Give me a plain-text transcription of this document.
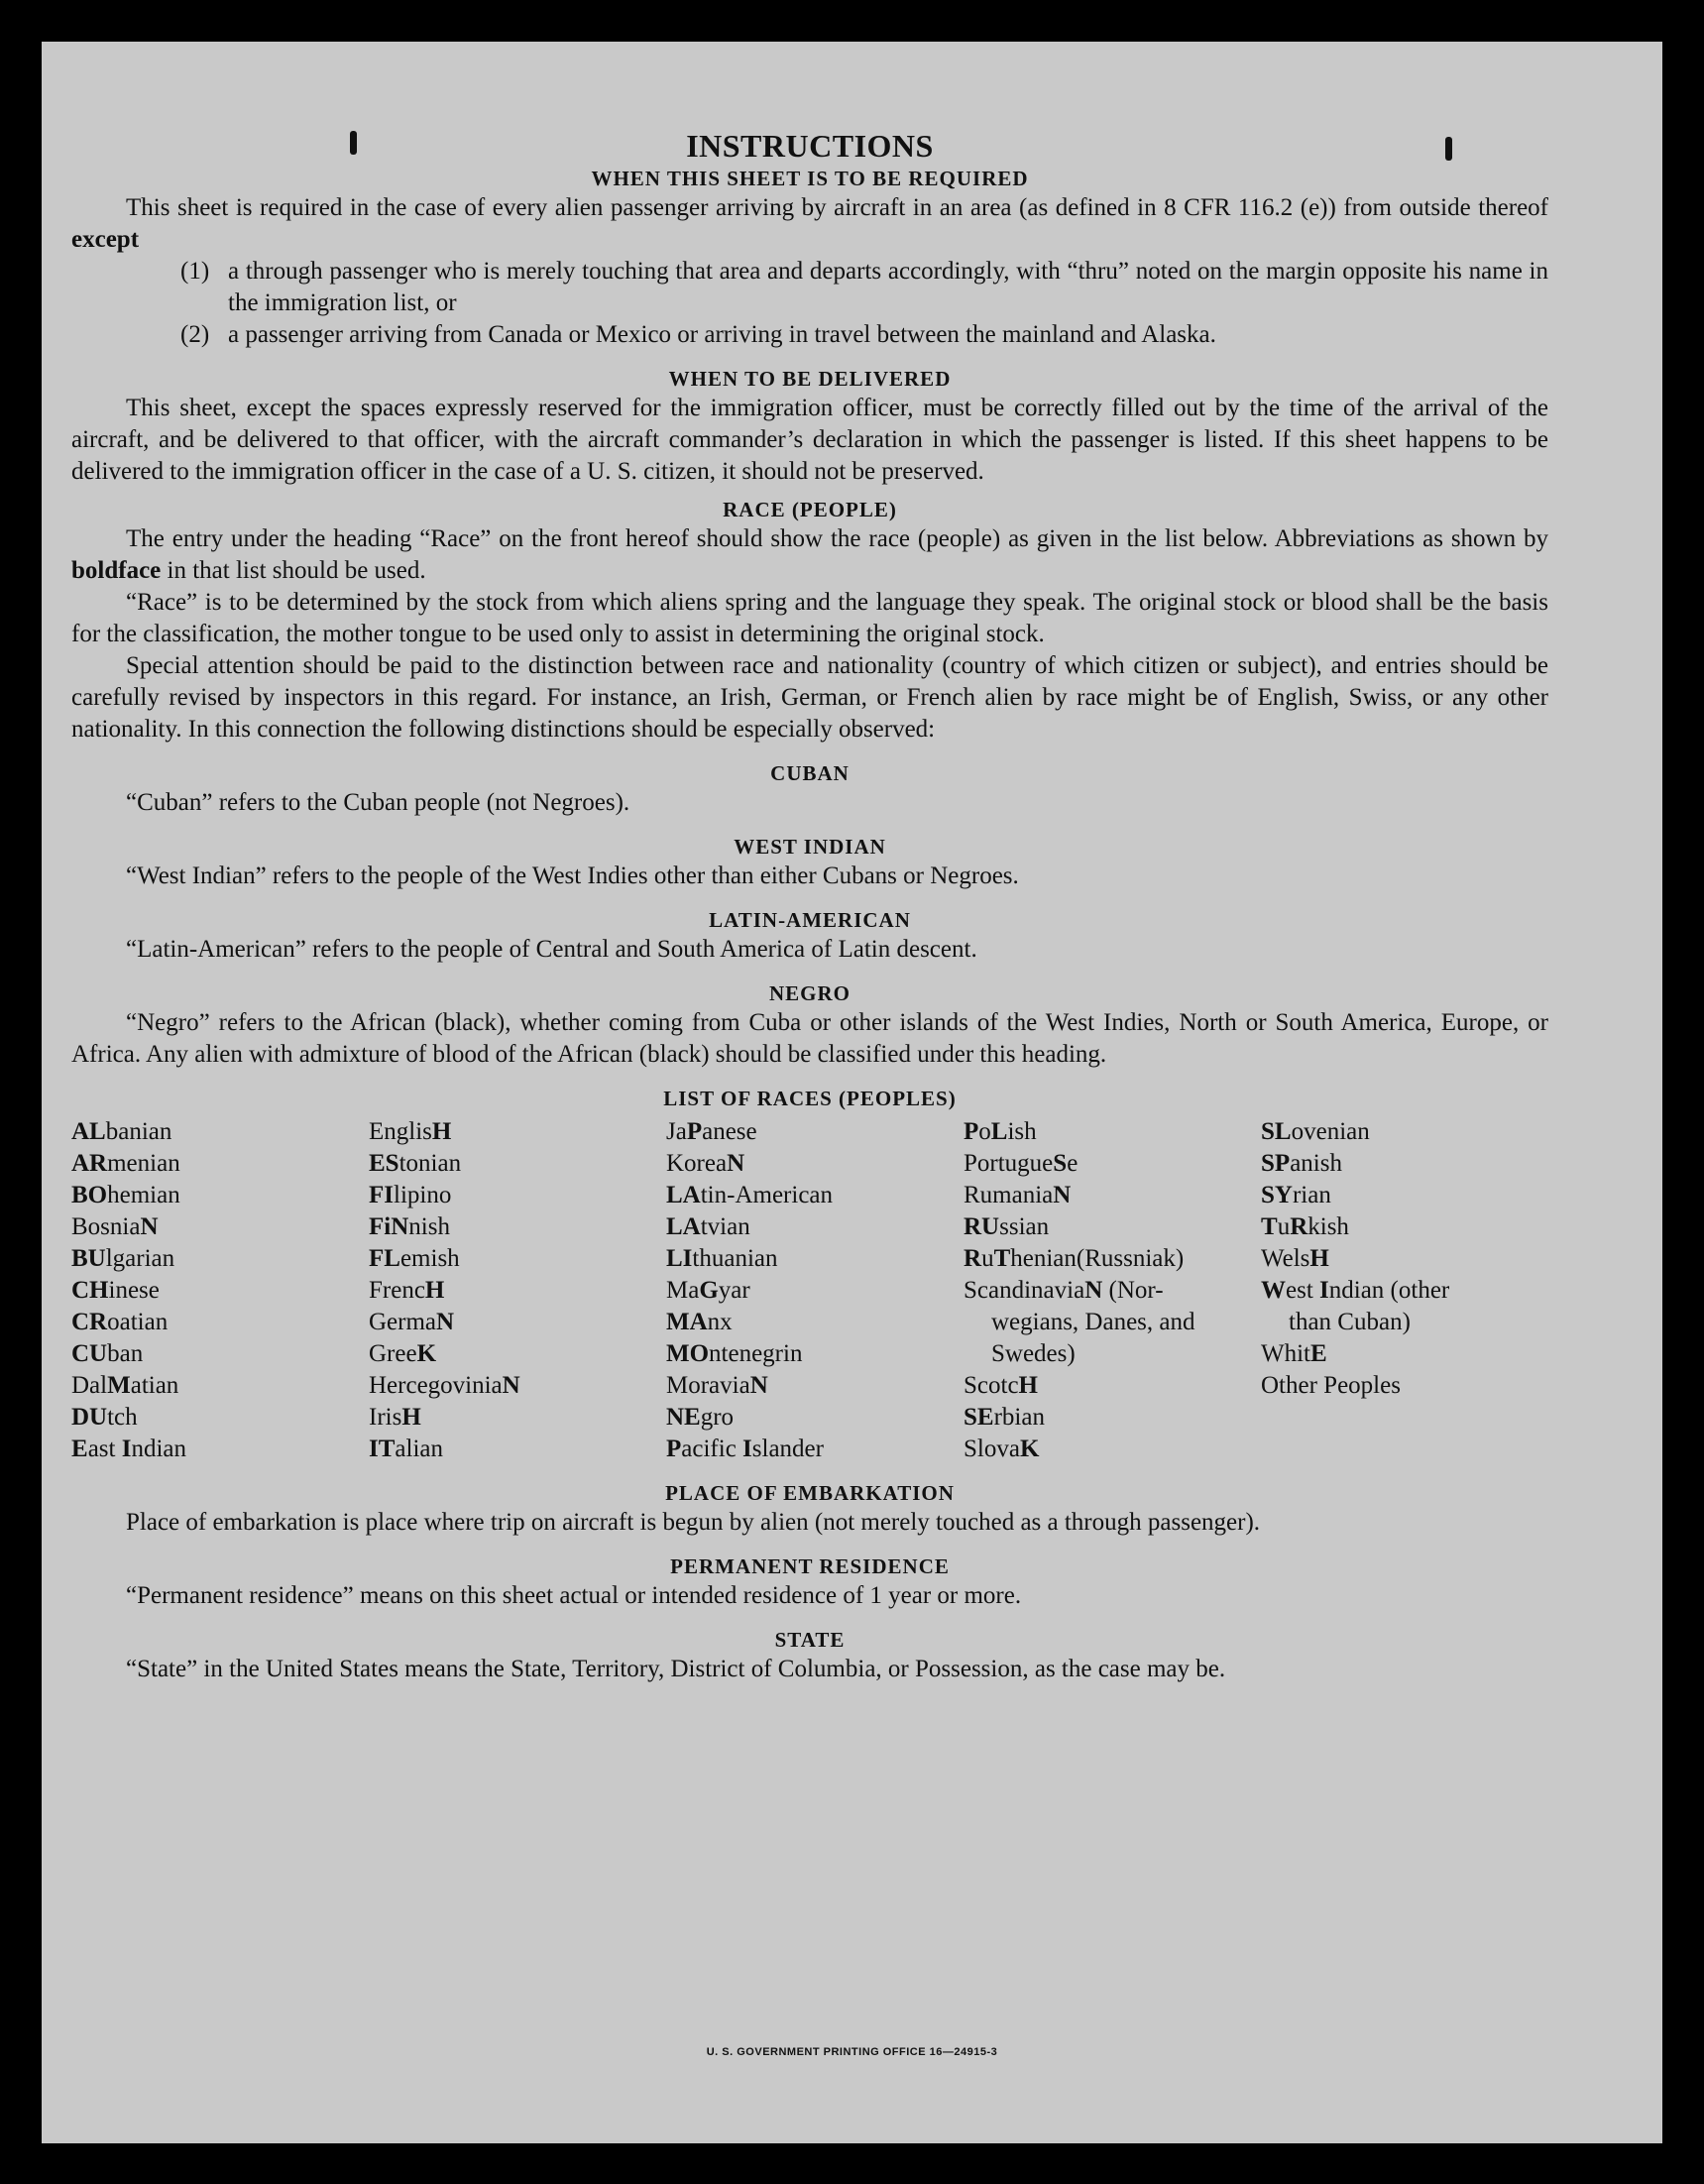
INSTRUCTIONS
WHEN THIS SHEET IS TO BE REQUIRED

This sheet is required in the case of every alien passenger arriving by aircraft in an area (as defined in 8 CFR 116.2 (e)) from outside thereof except

(1) a through passenger who is merely touching that area and departs accordingly, with “thru” noted on the margin opposite his name in the immigration list, or
(2) a passenger arriving from Canada or Mexico or arriving in travel between the mainland and Alaska.
WHEN TO BE DELIVERED

This sheet, except the spaces expressly reserved for the immigration officer, must be correctly filled out by the time of the arrival of the aircraft, and be delivered to that officer, with the aircraft commander’s declaration in which the passenger is listed. If this sheet happens to be delivered to the immigration officer in the case of a U. S. citizen, it should not be preserved.

RACE (PEOPLE)

The entry under the heading “Race” on the front hereof should show the race (people) as given in the list below. Abbreviations as shown by boldface in that list should be used.

“Race” is to be determined by the stock from which aliens spring and the language they speak. The original stock or blood shall be the basis for the classification, the mother tongue to be used only to assist in determining the original stock.

Special attention should be paid to the distinction between race and nationality (country of which citizen or subject), and entries should be carefully revised by inspectors in this regard. For instance, an Irish, German, or French alien by race might be of English, Swiss, or any other nationality. In this connection the following distinctions should be especially observed:

CUBAN

“Cuban” refers to the Cuban people (not Negroes).

WEST INDIAN

“West Indian” refers to the people of the West Indies other than either Cubans or Negroes.

LATIN-AMERICAN

“Latin-American” refers to the people of Central and South America of Latin descent.

NEGRO

“Negro” refers to the African (black), whether coming from Cuba or other islands of the West Indies, North or South America, Europe, or Africa. Any alien with admixture of blood of the African (black) should be classified under this heading.

LIST OF RACES (PEOPLES)
ALbanian
ARmenian
BOhemian
BosniaN
BUlgarian
CHinese
CRoatian
CUban
DalMatian
DUtch
East Indian
EnglisH
EStonian
FIlipino
FiNnish
FLemish
FrencH
GermaN
GreeK
HercegoviniaN
IrisH
ITalian
JaPanese
KoreaN
LAtin-American
LAtvian
LIthuanian
MaGyar
MAnx
MOntenegrin
MoraviaN
NEgro
Pacific Islander
PoLish
PortugueSe
RumaniaN
RUssian
RuThenian(Russniak)
ScandinaviaN (Nor-
wegians, Danes, and Swedes)
ScotcH
SErbian
SlovaK
SLovenian
SPanish
SYrian
TuRkish
WelsH
West Indian (other
than Cuban)
WhitE
Other Peoples
PLACE OF EMBARKATION

Place of embarkation is place where trip on aircraft is begun by alien (not merely touched as a through passenger).

PERMANENT RESIDENCE

“Permanent residence” means on this sheet actual or intended residence of 1 year or more.

STATE

“State” in the United States means the State, Territory, District of Columbia, or Possession, as the case may be.

U. S. GOVERNMENT PRINTING OFFICE 16—24915-3
